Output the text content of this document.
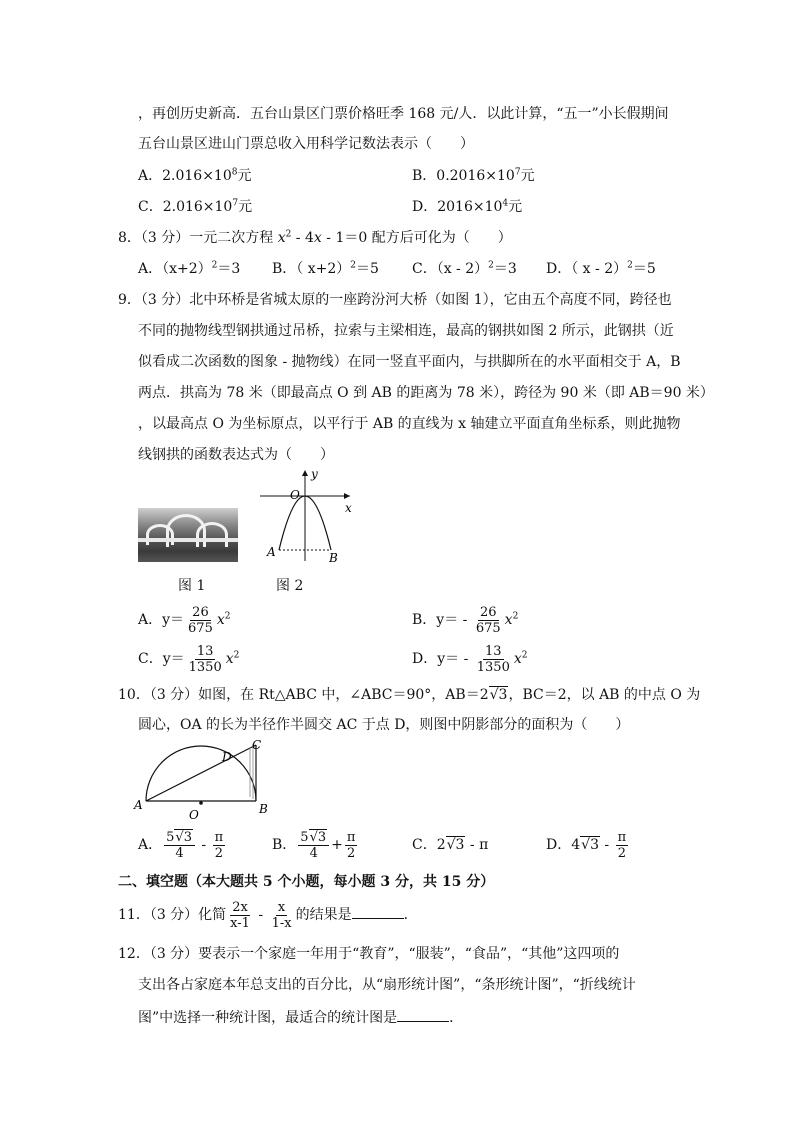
，再创历史新高．五台山景区门票价格旺季 168 元/人．以此计算，“五一”小长假期间
五台山景区进山门票总收入用科学记数法表示（　　）
A．$2.016\times 10^8$元	B．$0.2016\times 10^7$元
C．$2.016\times 10^7$元	D．$2016\times 10^4$元
8．（3 分）一元二次方程 $x^2 - 4x - 1=0$ 配方后可化为（　　）
A．$(x+2)^2=3$ B．（ x+2）$^2$＝5 C．（x - 2）$^2$＝3 D．（ x - 2）$^2$＝5
9．（3 分）北中环桥是省城太原的一座跨汾河大桥（如图 1），它由五个高度不同，跨径也
不同的抛物线型钢拱通过吊桥，拉索与主梁相连，最高的钢拱如图 2 所示，此钢拱（近
似看成二次函数的图象 - 抛物线）在同一竖直平面内，与拱脚所在的水平面相交于 A，B
两点．拱高为 78 米（即最高点 O 到 AB 的距离为 78 米），跨径为 90 米（即 AB＝90 米）
，以最高点 O 为坐标原点，以平行于 AB 的直线为 x 轴建立平面直角坐标系，则此抛物
线钢拱的函数表达式为（　　）
图 1
y
x
O
A	B
图 2
A．$y= \frac{26}{675} x^2$	B．$y= - \frac{26}{675} x^2$
C．$y= \frac{13}{1350} x^2$	D．$y= - \frac{13}{1350} x^2$
10．（3 分）如图，在 Rt△ABC 中，∠ABC＝90°，AB＝2√3，BC＝2，以 AB 的中点 O 为
圆心，OA 的长为半径作半圆交 AC 于点 D，则图中阴影部分的面积为（　　）
A	B
C
D
O
A． $\frac{5√3}{4} - \frac{\pi}{2}$	B． $\frac{5√3}{4} + \frac{\pi}{2}$	C．2√3 - π	D．$4√3 - \frac{\pi}{2}$
二、填空题（本大题共 5 个小题，每小题 3 分，共 15 分）
11．（3 分）化简 $\frac{2x}{x-1} - \frac{x}{1-x}$ 的结果是	．
12．（3 分）要表示一个家庭一年用于“教育”，“服装”，“食品”，“其他”这四项的
支出各占家庭本年总支出的百分比，从“扇形统计图”，“条形统计图”，“折线统计
图”中选择一种统计图，最适合的统计图是	．
